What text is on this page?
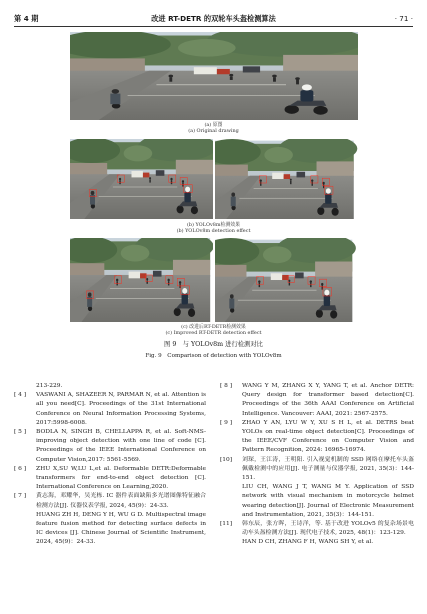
第 4 期	改进 RT-DETR 的双轮车头盔检测算法	· 71 ·
(a) 原图
(a) Original drawing
(b) YOLOv8m检测效果
(b) YOLOv8m detection effect
(c) 改进后RT-DETR检测效果
(c) Improved RT-DETR detection effect
图 9　与 YOLOv8m 进行检测对比
Fig. 9　Comparison of detection with YOLOv8m

213-229.

[ 4 ]	VASWANI A, SHAZEER N, PARMAR N, et al. Attention is all you need[C]. Proceedings of the 31st International Conference on Neural Information Processing Systems, 2017:5998-6008.

[ 5 ]	BODLA N, SINGH B, CHELLAPPA R, et al. Soft-NMS-improving object detection with one line of code [C]. Proceedings of the IEEE International Conference on Computer Vision,2017: 5561-5569.

[ 6 ]	ZHU X,SU W,LU L,et al. Deformable DETR:Deformable transformers for end-to-end object detection [C]. International Conference on Learning,2020.

[ 7 ]	黄志海，邓耀华，吴光栋. IC 器件表面缺陷多光谱图像特征融合检测方法[J]. 仪器仪表学报, 2024, 45(9)：24-33.

HUANG ZH H, DENG Y H, WU G D. Multispectral image feature fusion method for detecting surface defects in IC devices [J]. Chinese Journal of Scientific Instrument, 2024, 45(9)：24-33.

[ 8 ]	WANG Y M, ZHANG X Y, YANG T, et al. Anchor DETR: Query design for transformer based detection[C]. Proceedings of the 36th AAAI Conference on Artificial Intelligence. Vancouver: AAAI, 2021: 2567-2575.

[ 9 ]	ZHAO Y AN, LYU W Y, XU S H L, et al. DETRS beat YOLOs on real-time object detection[C]. Proceedings of the IEEE/CVF Conference on Computer Vision and Pattern Recognition, 2024: 16965-16974.

[10]	刘琛，王江涛，王明阳. 引入视觉机制的 SSD 网络在摩托车头盔佩戴检测中的应用[J]. 电子测量与仪器学报, 2021, 35(3)：144-151.

LIU CH, WANG J T, WANG M Y. Application of SSD network with visual mechanism in motorcycle helmet wearing detection[J]. Journal of Electronic Measurement and Instrumentation, 2021, 35(3)：144-151.

[11]	韩东辰，张方晖，王诗洋，等. 基于改进 YOLOv5 的复杂场景电动车头盔检测方法[J]. 现代电子技术, 2025, 48(1)：123-129.

HAN D CH, ZHANG F H, WANG SH Y, et al.
